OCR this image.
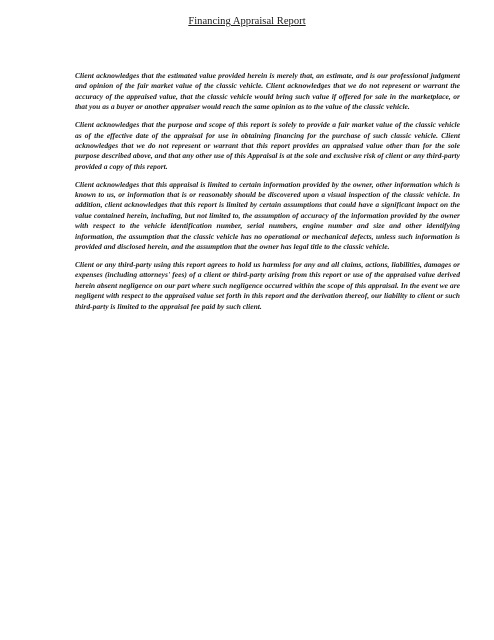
Financing Appraisal Report

Client acknowledges that the estimated value provided herein is merely that, an estimate, and is our professional judgment and opinion of the fair market value of the classic vehicle. Client acknowledges that we do not represent or warrant the accuracy of the appraised value, that the classic vehicle would bring such value if offered for sale in the marketplace, or that you as a buyer or another appraiser would reach the same opinion as to the value of the classic vehicle.

Client acknowledges that the purpose and scope of this report is solely to provide a fair market value of the classic vehicle as of the effective date of the appraisal for use in obtaining financing for the purchase of such classic vehicle. Client acknowledges that we do not represent or warrant that this report provides an appraised value other than for the sole purpose described above, and that any other use of this Appraisal is at the sole and exclusive risk of client or any third-party provided a copy of this report.

Client acknowledges that this appraisal is limited to certain information provided by the owner, other information which is known to us, or information that is or reasonably should be discovered upon a visual inspection of the classic vehicle. In addition, client acknowledges that this report is limited by certain assumptions that could have a significant impact on the value contained herein, including, but not limited to, the assumption of accuracy of the information provided by the owner with respect to the vehicle identification number, serial numbers, engine number and size and other identifying information, the assumption that the classic vehicle has no operational or mechanical defects, unless such information is provided and disclosed herein, and the assumption that the owner has legal title to the classic vehicle.

Client or any third-party using this report agrees to hold us harmless for any and all claims, actions, liabilities, damages or expenses (including attorneys' fees) of a client or third-party arising from this report or use of the appraised value derived herein absent negligence on our part where such negligence occurred within the scope of this appraisal. In the event we are negligent with respect to the appraised value set forth in this report and the derivation thereof, our liability to client or such third-party is limited to the appraisal fee paid by such client.
